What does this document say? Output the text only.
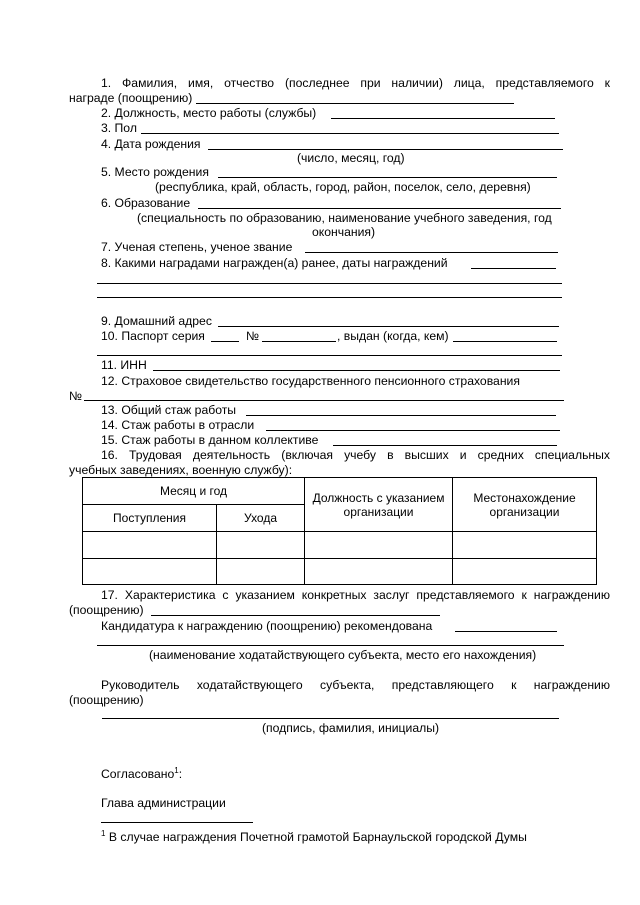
1. Фамилия, имя, отчество (последнее при наличии) лица, представляемого к
награде (поощрению)
2. Должность, место работы (службы)
3. Пол
4. Дата рождения
(число, месяц, год)
5. Место рождения
(республика, край, область, город, район, поселок, село, деревня)
6. Образование
(специальность по образованию, наименование учебного заведения, год
окончания)
7. Ученая степень, ученое звание
8. Какими наградами награжден(а) ранее, даты награждений
9. Домашний адрес
10. Паспорт серия	№	, выдан (когда, кем)
11. ИНН
12. Страховое свидетельство государственного пенсионного страхования
№
13. Общий стаж работы
14. Стаж работы в отрасли
15. Стаж работы в данном коллективе
16. Трудовая деятельность (включая учебу в высших и средних специальных
учебных заведениях, военную службу):
Месяц и год		Должность с указанием организации	Местонахождение организации
Поступления	Ухода		

17. Характеристика с указанием конкретных заслуг представляемого к награждению
(поощрению)
Кандидатура к награждению (поощрению) рекомендована
(наименование ходатайствующего субъекта, место его нахождения)
Руководитель ходатайствующего субъекта, представляющего к награждению
(поощрению)
(подпись, фамилия, инициалы)
Согласовано$^1$:
Глава администрации
$^1$ В случае награждения Почетной грамотой Барнаульской городской Думы
